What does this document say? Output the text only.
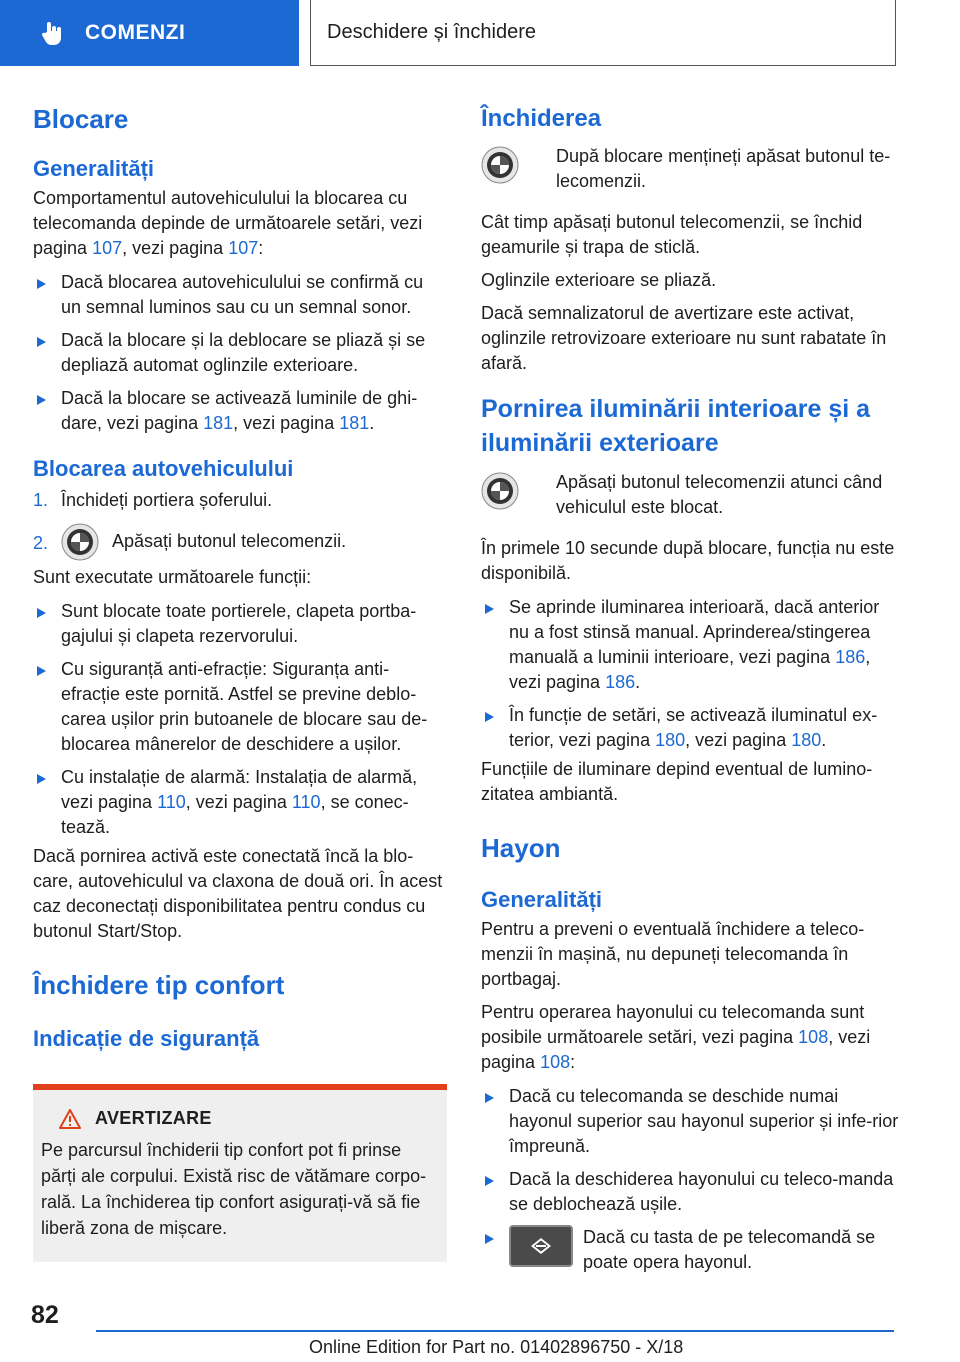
COMENZI	Deschidere și închidere
Blocare
Generalități

Comportamentul autovehiculului la blocarea cu telecomanda depinde de următoarele setări, vezi pagina 107, vezi pagina 107:

Dacă blocarea autovehiculului se confirmă cu un semnal luminos sau cu un semnal sonor.
Dacă la blocare și la deblocare se pliază și se depliază automat oglinzile exterioare.
Dacă la blocare se activează luminile de ghi-dare, vezi pagina 181, vezi pagina 181.
Blocarea autovehiculului
1. Închideți portiera șoferului.
2.	Apăsați butonul telecomenzii.

Sunt executate următoarele funcții:

Sunt blocate toate portierele, clapeta portba-gajului și clapeta rezervorului.
Cu siguranță anti-efracție: Siguranța anti-efracție este pornită. Astfel se previne deblo-carea ușilor prin butoanele de blocare sau de-blocarea mânerelor de deschidere a ușilor.
Cu instalație de alarmă: Instalația de alarmă, vezi pagina 110, vezi pagina 110, se conec-tează.

Dacă pornirea activă este conectată încă la blo-care, autovehiculul va claxona de două ori. În acest caz deconectați disponibilitatea pentru condus cu butonul Start/Stop.

Închidere tip confort
Indicație de siguranță
AVERTIZARE
Pe parcursul închiderii tip confort pot fi prinse părți ale corpului. Există risc de vătămare corpo-rală. La închiderea tip confort asigurați-vă să fie liberă zona de mișcare.
Închiderea

După blocare mențineți apăsat butonul te-lecomenzii.

Cât timp apăsați butonul telecomenzii, se închid geamurile și trapa de sticlă.

Oglinzile exterioare se pliază.

Dacă semnalizatorul de avertizare este activat, oglinzile retrovizoare exterioare nu sunt rabatate în afară.

Pornirea iluminării interioare și a iluminării exterioare

Apăsați butonul telecomenzii atunci când vehiculul este blocat.

În primele 10 secunde după blocare, funcția nu este disponibilă.

Se aprinde iluminarea interioară, dacă anterior nu a fost stinsă manual. Aprinderea/stingerea manuală a luminii interioare, vezi pagina 186, vezi pagina 186.
În funcție de setări, se activează iluminatul ex-terior, vezi pagina 180, vezi pagina 180.

Funcțiile de iluminare depind eventual de lumino-zitatea ambiantă.

Hayon
Generalități

Pentru a preveni o eventuală închidere a teleco-menzii în mașină, nu depuneți telecomanda în portbagaj.

Pentru operarea hayonului cu telecomanda sunt posibile următoarele setări, vezi pagina 108, vezi pagina 108:

Dacă cu telecomanda se deschide numai hayonul superior sau hayonul superior și infe-rior împreună.
Dacă la deschiderea hayonului cu teleco-manda se deblochează ușile.
Dacă cu tasta de pe telecomandă se poate opera hayonul.
82
Online Edition for Part no. 01402896750 - X/18
